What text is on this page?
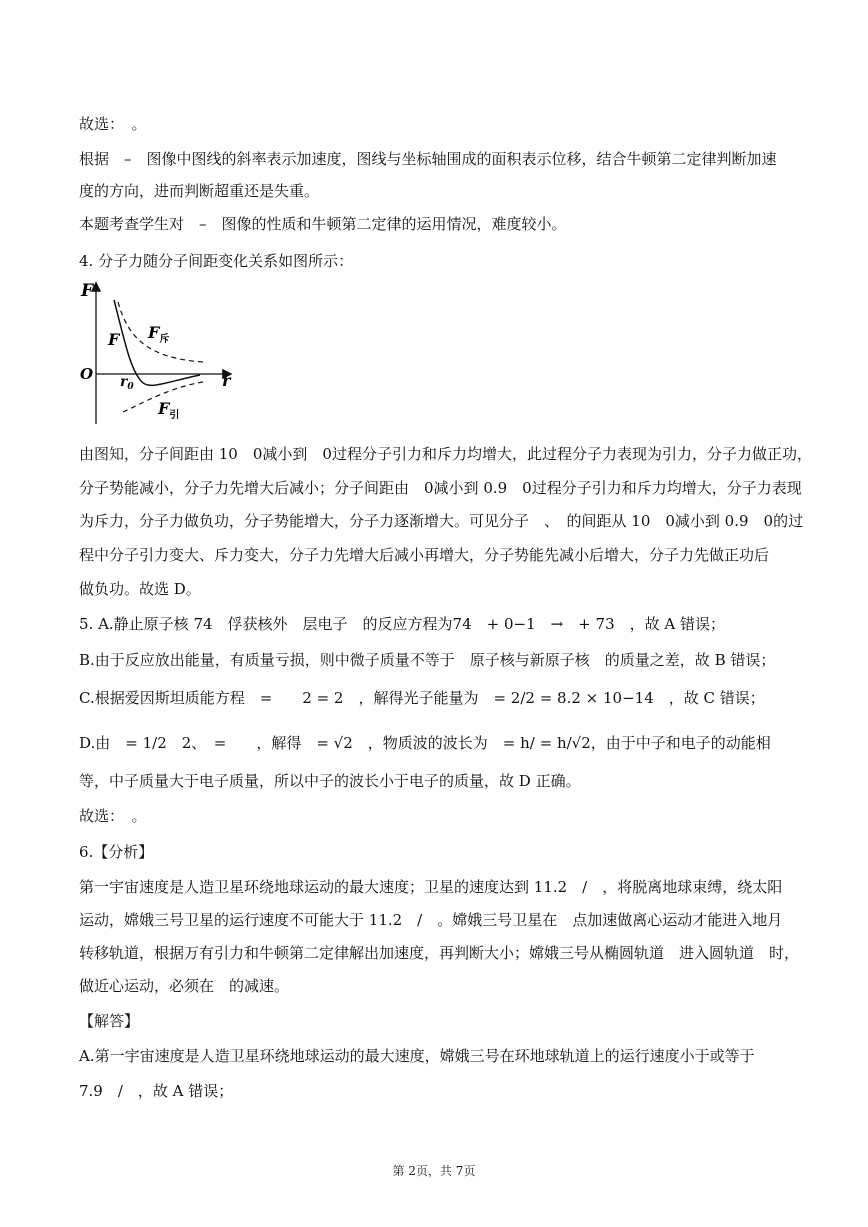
故选：　。
根据　–　图像中图线的斜率表示加速度，图线与坐标轴围成的面积表示位移，结合牛顿第二定律判断加速
度的方向，进而判断超重还是失重。
本题考查学生对　–　图像的性质和牛顿第二定律的运用情况，难度较小。
4. 分子力随分子间距变化关系如图所示：
F
r
O $r_0$
F $F_斥$
$F_引$
由图知，分子间距由 10　0减小到　0过程分子引力和斥力均增大，此过程分子力表现为引力，分子力做正功，
分子势能减小，分子力先增大后减小；分子间距由　0减小到 0.9　0过程分子引力和斥力均增大，分子力表现
为斥力，分子力做负功，分子势能增大，分子力逐渐增大。可见分子　、　的间距从 10　0减小到 0.9　0的过
程中分子引力变大、斥力变大，分子力先增大后减小再增大，分子势能先减小后增大，分子力先做正功后
做负功。故选 D。
5. A.静止原子核 74　俘获核外　层电子　的反应方程为74　+ 0−1　→　+ 73　，故 A 错误；
B.由于反应放出能量，有质量亏损，则中微子质量不等于　原子核与新原子核　的质量之差，故 B 错误；
C.根据爱因斯坦质能方程　=　　2 = 2　，解得光子能量为　= 2/2 = 8.2 × 10−14　，故 C 错误；
D.由　= 1/2　2、　=　　，解得　= √2　，物质波的波长为　= h/ = h/√2，由于中子和电子的动能相
等，中子质量大于电子质量，所以中子的波长小于电子的质量，故 D 正确。
故选：　。
6.【分析】
第一宇宙速度是人造卫星环绕地球运动的最大速度；卫星的速度达到 11.2　/　，将脱离地球束缚，绕太阳
运动，嫦娥三号卫星的运行速度不可能大于 11.2　/　。嫦娥三号卫星在　点加速做离心运动才能进入地月
转移轨道，根据万有引力和牛顿第二定律解出加速度，再判断大小；嫦娥三号从椭圆轨道　进入圆轨道　时，
做近心运动，必须在　的减速。
【解答】
A.第一宇宙速度是人造卫星环绕地球运动的最大速度，嫦娥三号在环地球轨道上的运行速度小于或等于
7.9　/　，故 A 错误；
第 2页，共 7页
